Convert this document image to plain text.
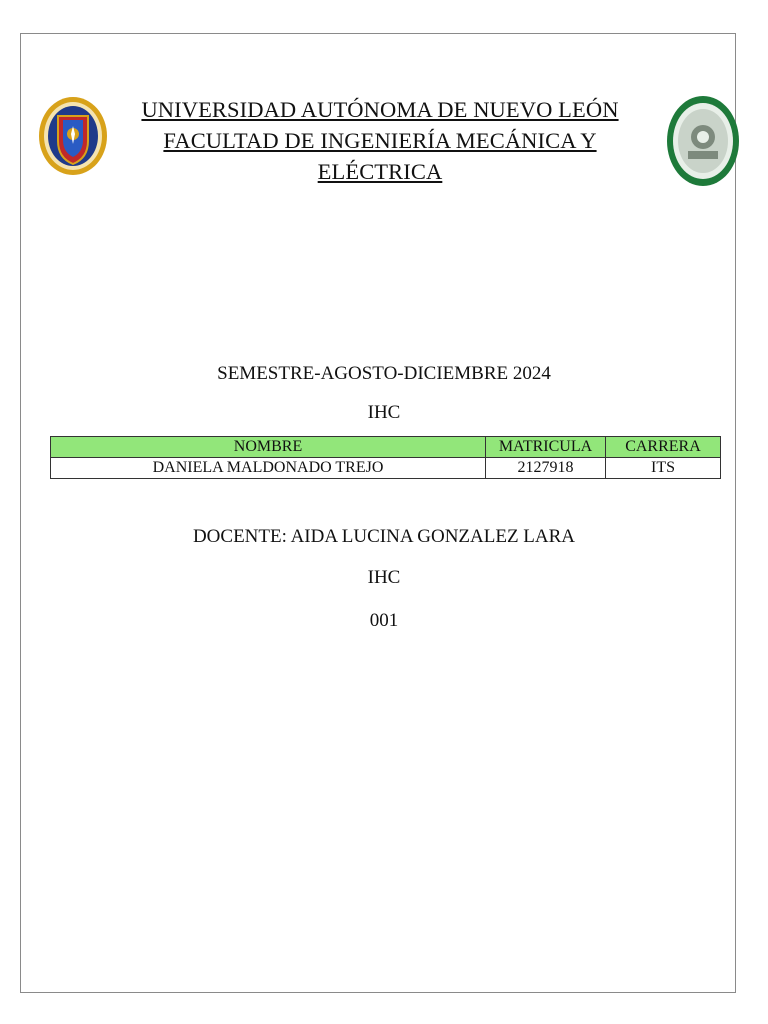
UNIVERSIDAD AUTÓNOMA DE NUEVO LEÓN
FACULTAD DE INGENIERÍA MECÁNICA Y
ELÉCTRICA
SEMESTRE-AGOSTO-DICIEMBRE 2024
IHC
NOMBRE	MATRICULA	CARRERA
DANIELA MALDONADO TREJO	2127918	ITS
DOCENTE: AIDA LUCINA GONZALEZ LARA
IHC
001
